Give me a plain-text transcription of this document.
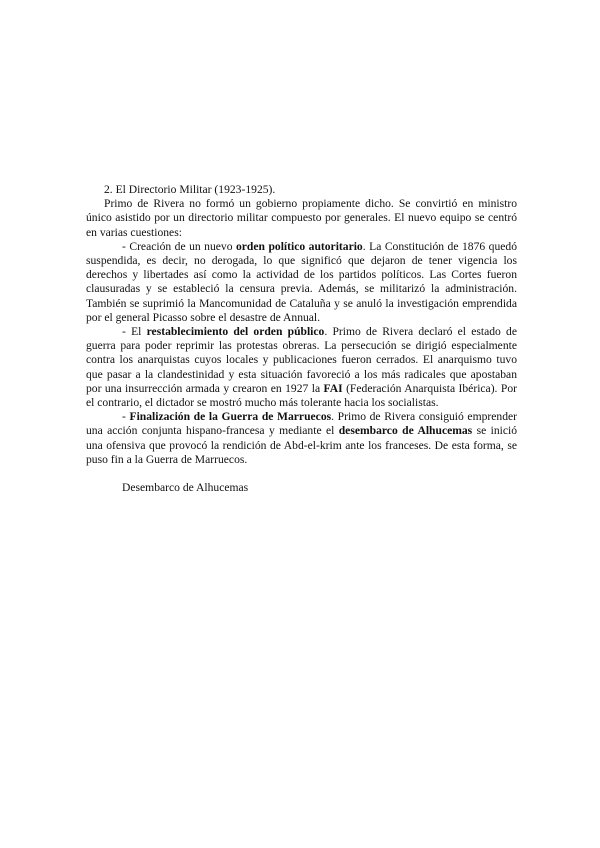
2. El Directorio Militar (1923-1925).

Primo de Rivera no formó un gobierno propiamente dicho. Se convirtió en ministro único asistido por un directorio militar compuesto por generales. El nuevo equipo se centró en varias cuestiones:

- Creación de un nuevo orden político autoritario. La Constitución de 1876 quedó suspendida, es decir, no derogada, lo que significó que dejaron de tener vigencia los derechos y libertades así como la actividad de los partidos políticos. Las Cortes fueron clausuradas y se estableció la censura previa. Además, se militarizó la administración. También se suprimió la Mancomunidad de Cataluña y se anuló la investigación emprendida por el general Picasso sobre el desastre de Annual.

- El restablecimiento del orden público. Primo de Rivera declaró el estado de guerra para poder reprimir las protestas obreras. La persecución se dirigió especialmente contra los anarquistas cuyos locales y publicaciones fueron cerrados. El anarquismo tuvo que pasar a la clandestinidad y esta situación favoreció a los más radicales que apostaban por una insurrección armada y crearon en 1927 la FAI (Federación Anarquista Ibérica). Por el contrario, el dictador se mostró mucho más tolerante hacia los socialistas.

- Finalización de la Guerra de Marruecos. Primo de Rivera consiguió emprender una acción conjunta hispano-francesa y mediante el desembarco de Alhucemas se inició una ofensiva que provocó la rendición de Abd-el-krim ante los franceses. De esta forma, se puso fin a la Guerra de Marruecos.

Desembarco de Alhucemas
